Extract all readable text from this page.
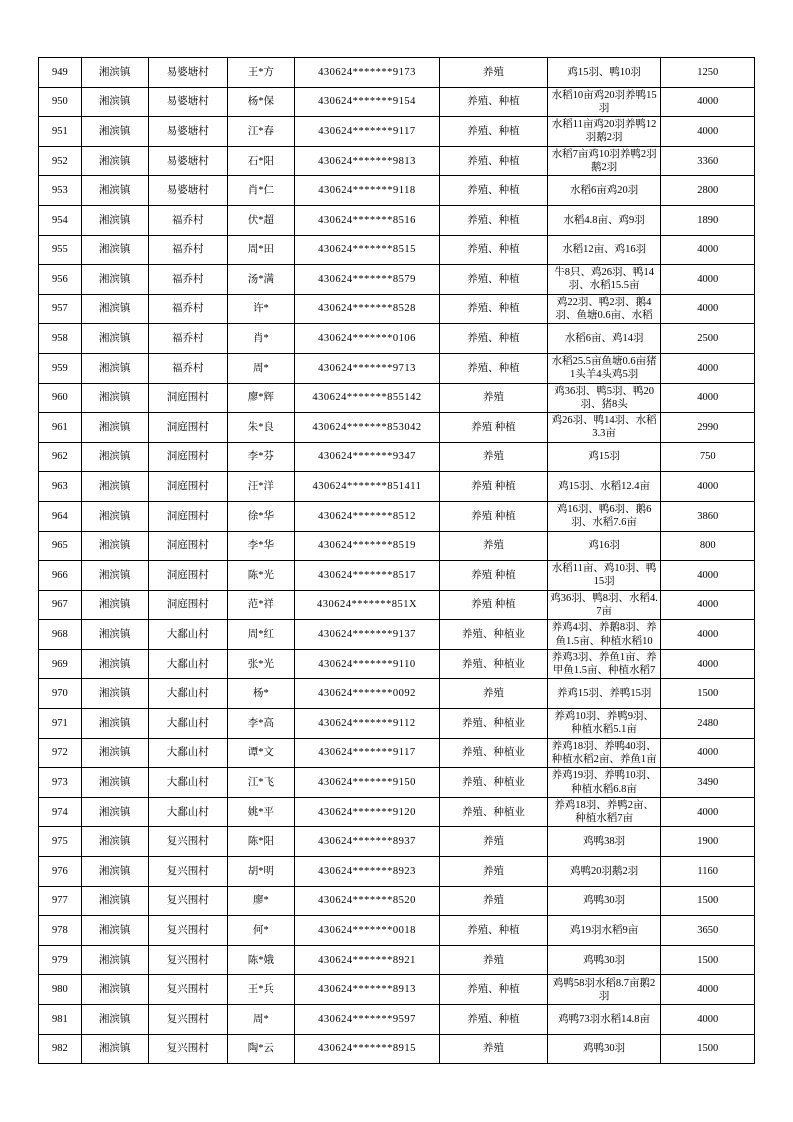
949	湘滨镇	易婆塘村	王*方	430624*******9173	养殖	鸡15羽、鸭10羽	1250
950	湘滨镇	易婆塘村	杨*保	430624*******9154	养殖、种植	水稻10亩鸡20羽养鸭15羽	4000
951	湘滨镇	易婆塘村	江*春	430624*******9117	养殖、种植	水稻11亩鸡20羽养鸭12羽鹅2羽	4000
952	湘滨镇	易婆塘村	石*阳	430624*******9813	养殖、种植	水稻7亩鸡10羽养鸭2羽鹅2羽	3360
953	湘滨镇	易婆塘村	肖*仁	430624*******9118	养殖、种植	水稻6亩鸡20羽	2800
954	湘滨镇	福乔村	伏*超	430624*******8516	养殖、种植	水稻4.8亩、鸡9羽	1890
955	湘滨镇	福乔村	周*田	430624*******8515	养殖、种植	水稻12亩、鸡16羽	4000
956	湘滨镇	福乔村	汤*满	430624*******8579	养殖、种植	牛8只、鸡26羽、鸭14羽、水稻15.5亩	4000
957	湘滨镇	福乔村	许*	430624*******8528	养殖、种植	鸡22羽、鸭2羽、鹅4羽、鱼塘0.6亩、水稻	4000
958	湘滨镇	福乔村	肖*	430624*******0106	养殖、种植	水稻6亩、鸡14羽	2500
959	湘滨镇	福乔村	周*	430624*******9713	养殖、种植	水稻25.5亩鱼塘0.6亩猪1头羊4头鸡5羽	4000
960	湘滨镇	洞庭围村	廖*辉	430624*******855142	养殖	鸡36羽、鸭5羽、鸭20羽、猪8头	4000
961	湘滨镇	洞庭围村	朱*良	430624*******853042	养殖 种植	鸡26羽、鸭14羽、水稻3.3亩	2990
962	湘滨镇	洞庭围村	李*芬	430624*******9347	养殖	鸡15羽	750
963	湘滨镇	洞庭围村	汪*洋	430624*******851411	养殖 种植	鸡15羽、水稻12.4亩	4000
964	湘滨镇	洞庭围村	徐*华	430624*******8512	养殖 种植	鸡16羽、鸭6羽、鹅6羽、水稻7.6亩	3860
965	湘滨镇	洞庭围村	李*华	430624*******8519	养殖	鸡16羽	800
966	湘滨镇	洞庭围村	陈*光	430624*******8517	养殖 种植	水稻11亩、鸡10羽、鸭15羽	4000
967	湘滨镇	洞庭围村	范*祥	430624*******851X	养殖 种植	鸡36羽、鸭8羽、水稻4.7亩	4000
968	湘滨镇	大鄱山村	周*红	430624*******9137	养殖、种植业	养鸡4羽、养鹅8羽、养鱼1.5亩、种植水稻10	4000
969	湘滨镇	大鄱山村	张*光	430624*******9110	养殖、种植业	养鸡3羽、养鱼1亩、养甲鱼1.5亩、种植水稻7	4000
970	湘滨镇	大鄱山村	杨*	430624*******0092	养殖	养鸡15羽、养鸭15羽	1500
971	湘滨镇	大鄱山村	李*高	430624*******9112	养殖、种植业	养鸡10羽、养鸭9羽、种植水稻5.1亩	2480
972	湘滨镇	大鄱山村	谭*文	430624*******9117	养殖、种植业	养鸡18羽、养鸭40羽、种植水稻2亩、养鱼1亩	4000
973	湘滨镇	大鄱山村	江*飞	430624*******9150	养殖、种植业	养鸡19羽、养鸭10羽、种植水稻6.8亩	3490
974	湘滨镇	大鄱山村	姚*平	430624*******9120	养殖、种植业	养鸡18羽、养鸭2亩、种植水稻7亩	4000
975	湘滨镇	复兴围村	陈*阳	430624*******8937	养殖	鸡鸭38羽	1900
976	湘滨镇	复兴围村	胡*明	430624*******8923	养殖	鸡鸭20羽鹅2羽	1160
977	湘滨镇	复兴围村	廖*	430624*******8520	养殖	鸡鸭30羽	1500
978	湘滨镇	复兴围村	何*	430624*******0018	养殖、种植	鸡19羽水稻9亩	3650
979	湘滨镇	复兴围村	陈*娥	430624*******8921	养殖	鸡鸭30羽	1500
980	湘滨镇	复兴围村	王*兵	430624*******8913	养殖、种植	鸡鸭58羽水稻8.7亩鹅2羽	4000
981	湘滨镇	复兴围村	周*	430624*******9597	养殖、种植	鸡鸭73羽水稻14.8亩	4000
982	湘滨镇	复兴围村	陶*云	430624*******8915	养殖	鸡鸭30羽	1500
